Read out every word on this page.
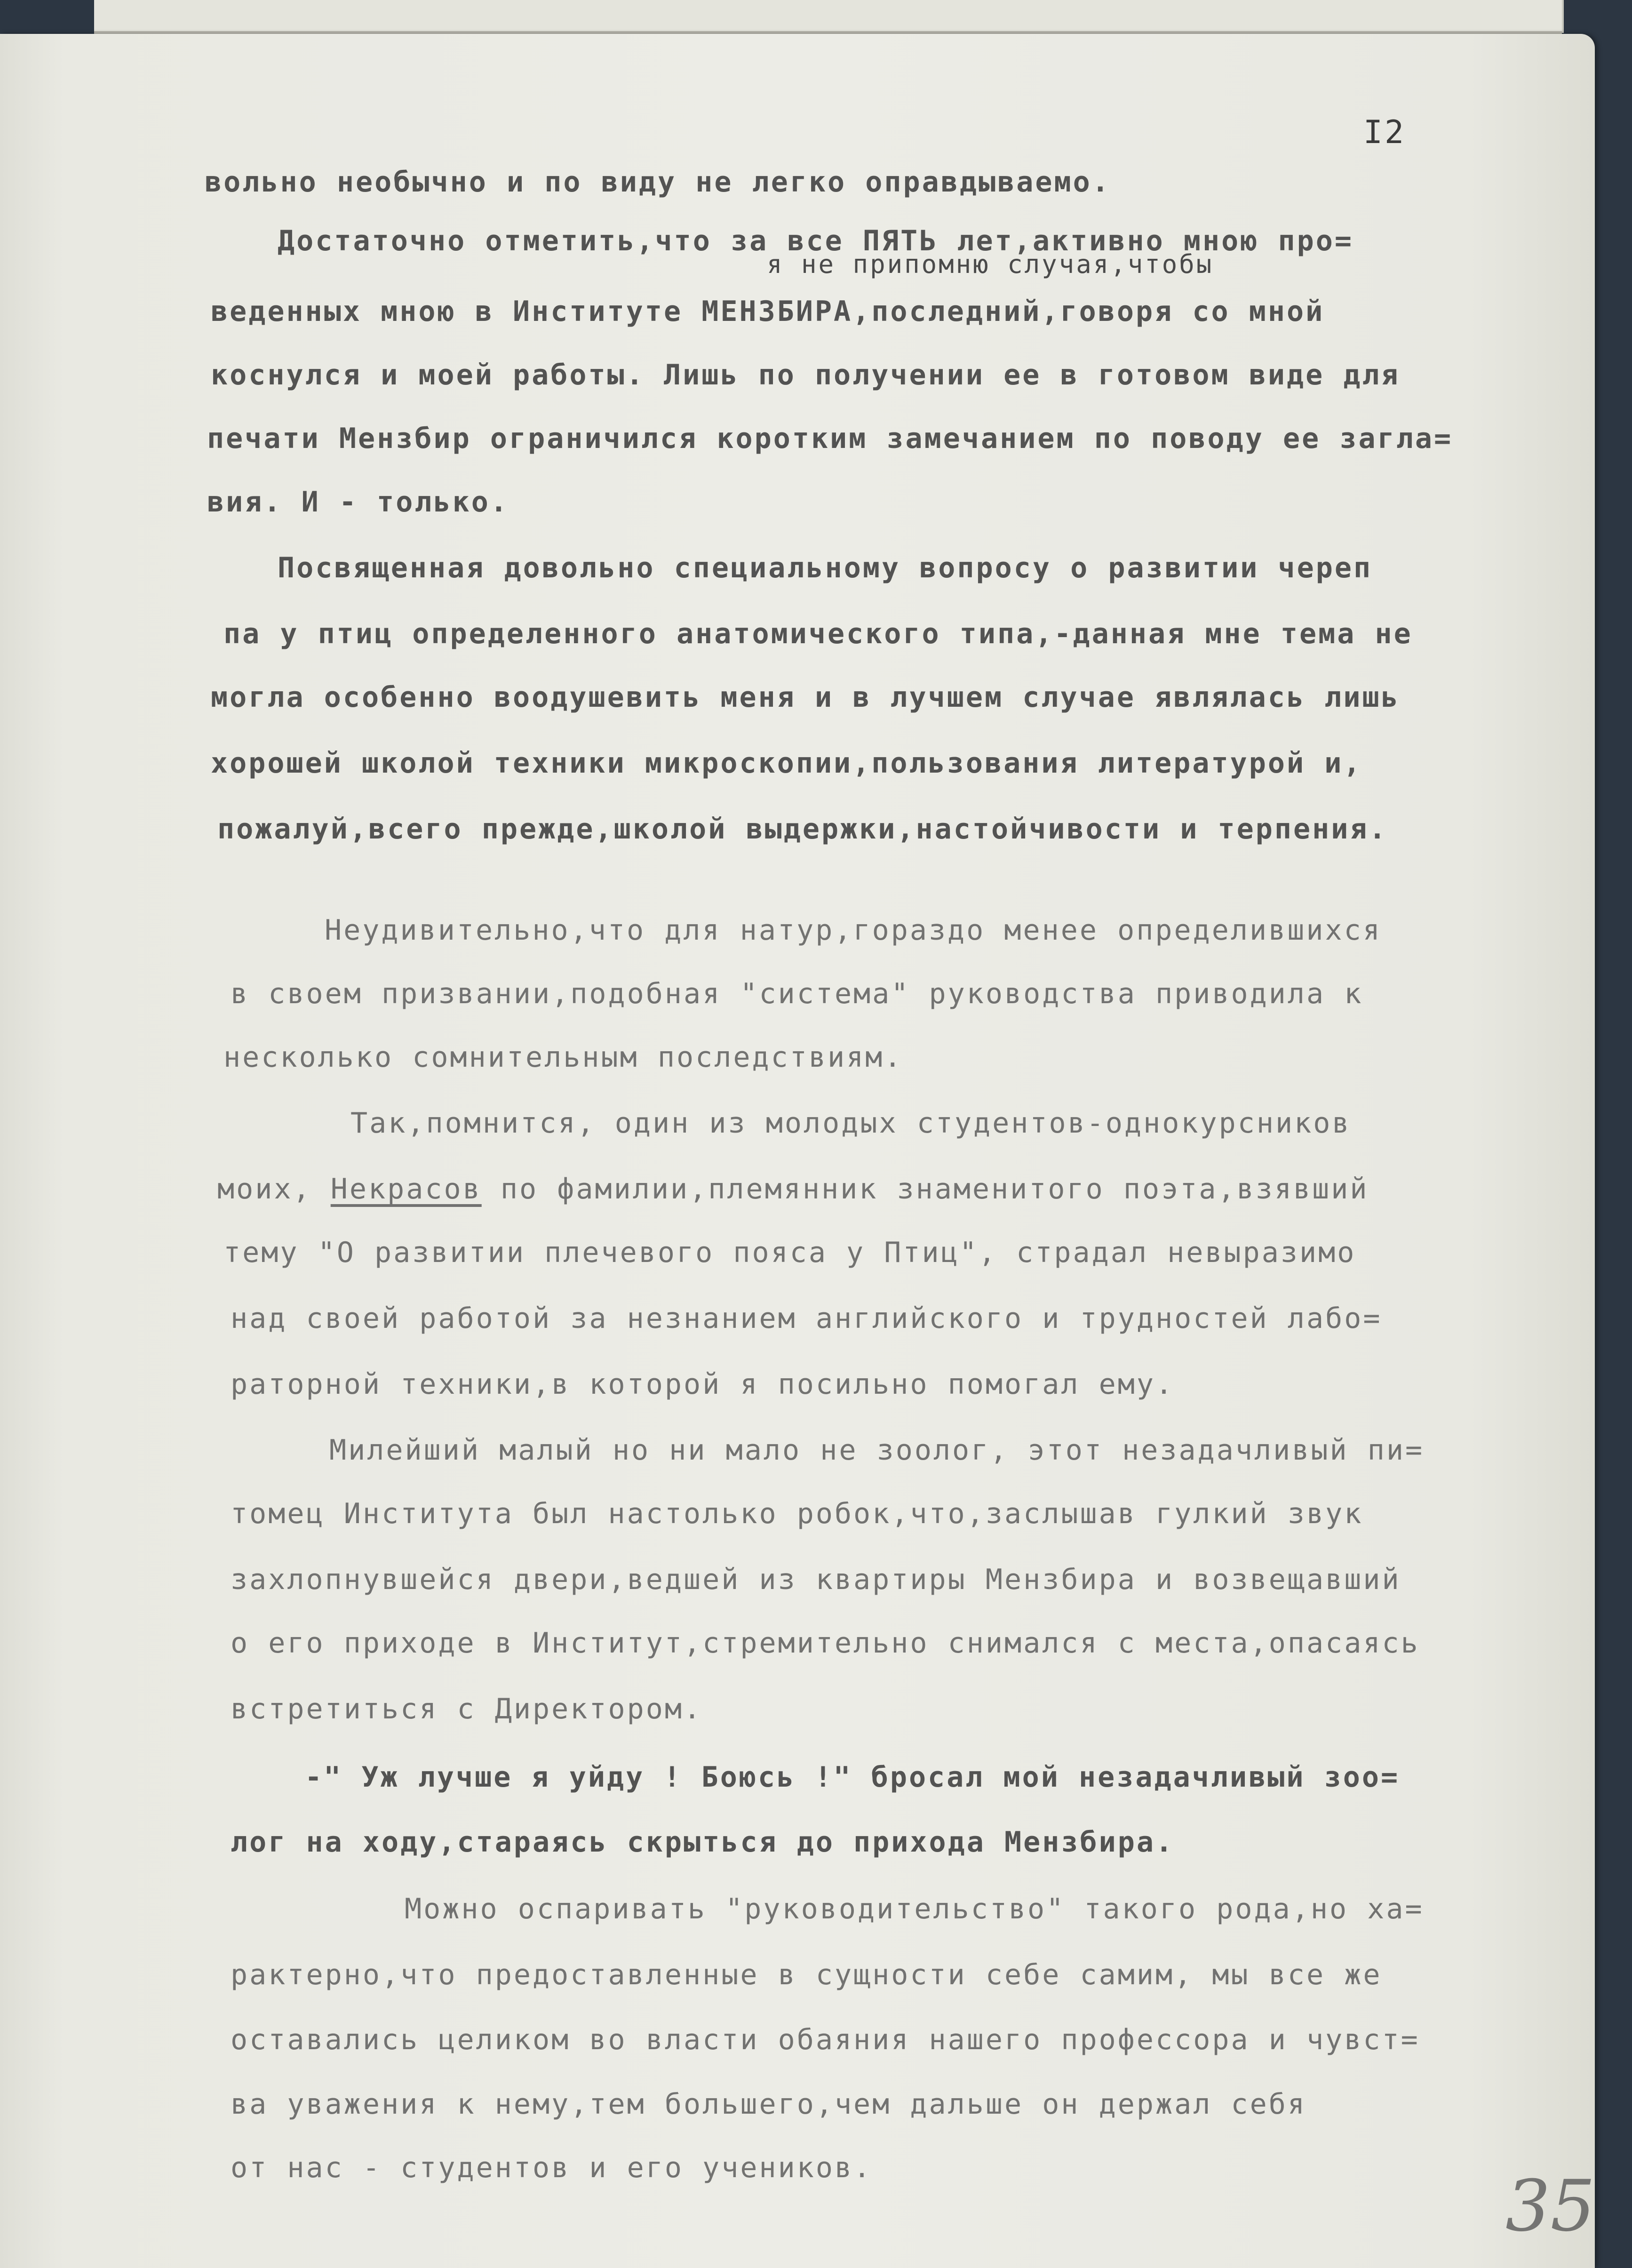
I2

я не припомню случая,чтобы

вольно необычно и по виду не легко оправдываемо.

Достаточно отметить,что за все ПЯТЬ лет,активно мною про=

веденных мною в Институте МЕНЗБИРА,последний,говоря со мной

коснулся и моей работы. Лишь по получении ее в готовом виде для

печати Мензбир ограничился коротким замечанием по поводу ее загла=

вия. И - только.

Посвященная довольно специальному вопросу о развитии череп

па у птиц определенного анатомического типа,-данная мне тема не

могла особенно воодушевить меня и в лучшем случае являлась лишь

хорошей школой техники микроскопии,пользования литературой и,

пожалуй,всего прежде,школой выдержки,настойчивости и терпения.

Неудивительно,что для натур,гораздо менее определившихся

в своем призвании,подобная "система" руководства приводила к

несколько сомнительным последствиям.

Так,помнится, один из молодых студентов-однокурсников

моих, Некрасов по фамилии,племянник знаменитого поэта,взявший

тему "О развитии плечевого пояса у Птиц", страдал невыразимо

над своей работой за незнанием английского и трудностей лабо=

раторной техники,в которой я посильно помогал ему.

Милейший малый но ни мало не зоолог, этот незадачливый пи=

томец Института был настолько робок,что,заслышав гулкий звук

захлопнувшейся двери,ведшей из квартиры Мензбира и возвещавший

о его приходе в Институт,стремительно снимался с места,опасаясь

встретиться с Директором.

-" Уж лучше я уйду ! Боюсь !" бросал мой незадачливый зоо=

лог на ходу,стараясь скрыться до прихода Мензбира.

Можно оспаривать "руководительство" такого рода,но ха=

рактерно,что предоставленные в сущности себе самим, мы все же

оставались целиком во власти обаяния нашего профессора и чувст=

ва уважения к нему,тем большего,чем дальше он держал себя

от нас - студентов и его учеников.	35
